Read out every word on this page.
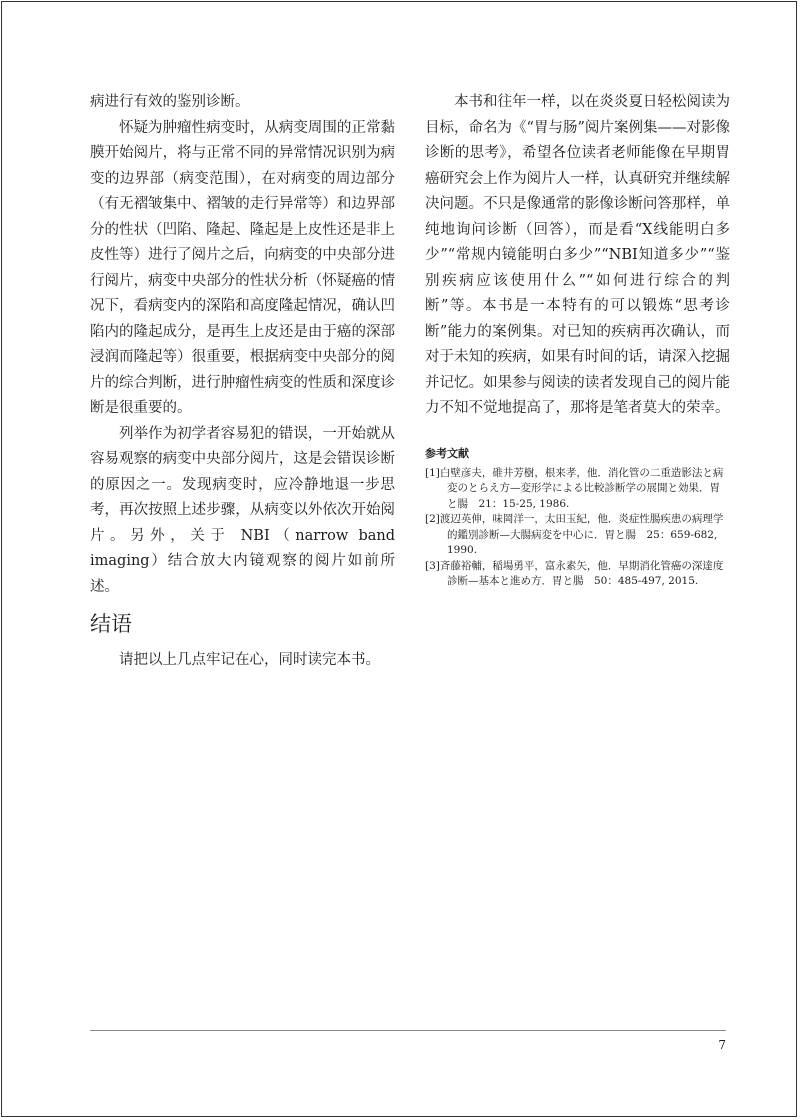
病进行有效的鉴别诊断。

怀疑为肿瘤性病变时，从病变周围的正常黏膜开始阅片，将与正常不同的异常情况识别为病变的边界部（病变范围），在对病变的周边部分（有无褶皱集中、褶皱的走行异常等）和边界部分的性状（凹陷、隆起、隆起是上皮性还是非上皮性等）进行了阅片之后，向病变的中央部分进行阅片，病变中央部分的性状分析（怀疑癌的情况下，看病变内的深陷和高度隆起情况，确认凹陷内的隆起成分，是再生上皮还是由于癌的深部浸润而隆起等）很重要，根据病变中央部分的阅片的综合判断，进行肿瘤性病变的性质和深度诊断是很重要的。

列举作为初学者容易犯的错误，一开始就从容易观察的病变中央部分阅片，这是会错误诊断的原因之一。发现病变时，应冷静地退一步思考，再次按照上述步骤，从病变以外依次开始阅片。另外，关于 NBI（narrow band imaging）结合放大内镜观察的阅片如前所述。

结语

请把以上几点牢记在心，同时读完本书。

本书和往年一样，以在炎炎夏日轻松阅读为目标，命名为《“胃与肠”阅片案例集——对影像诊断的思考》，希望各位读者老师能像在早期胃癌研究会上作为阅片人一样，认真研究并继续解决问题。不只是像通常的影像诊断问答那样，单纯地询问诊断（回答），而是看“X线能明白多少”“常规内镜能明白多少”“NBI知道多少”“鉴别疾病应该使用什么”“如何进行综合的判断”等。本书是一本特有的可以锻炼“思考诊断”能力的案例集。对已知的疾病再次确认，而对于未知的疾病，如果有时间的话，请深入挖掘并记忆。如果参与阅读的读者发现自己的阅片能力不知不觉地提高了，那将是笔者莫大的荣幸。

参考文献
[1]白壁彦夫，碓井芳樹，根来孝，他．消化管の二重造影法と病変のとらえ方—変形学による比較診断学の展開と効果．胃と腸　21：15-25, 1986.
[2]渡辺英伸，味岡洋一，太田玉紀，他．炎症性腸疾患の病理学的鑑別診断—大腸病変を中心に．胃と腸　25：659-682, 1990.
[3]斉藤裕輔，稲場勇平，富永素矢，他．早期消化管癌の深達度診断—基本と進め方．胃と腸　50：485-497, 2015.
7
